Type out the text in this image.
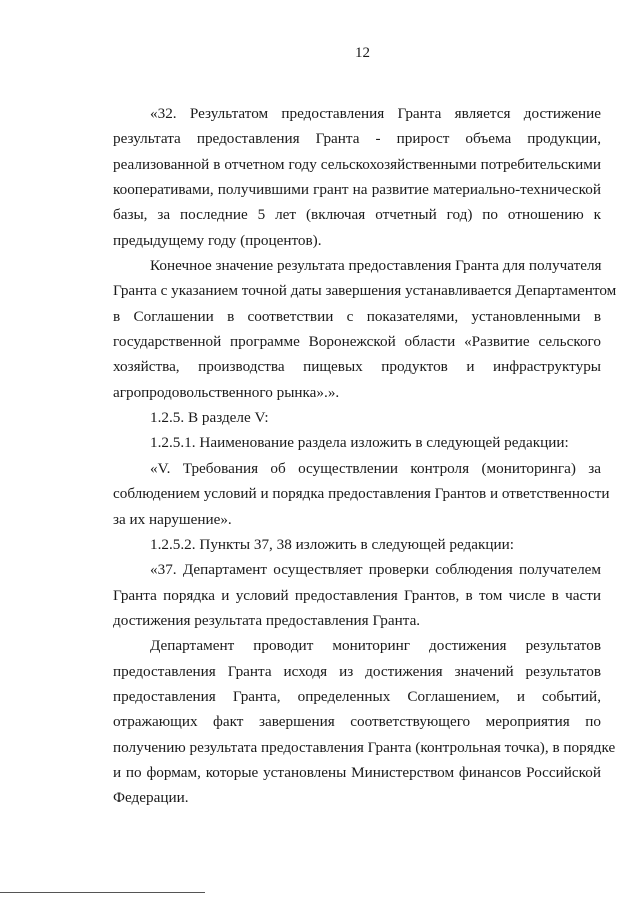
12
«32. Результатом предоставления Гранта является достижение
результата предоставления Гранта - прирост объема продукции,
реализованной в отчетном году сельскохозяйственными потребительскими
кооперативами, получившими грант на развитие материально-технической
базы, за последние 5 лет (включая отчетный год) по отношению к
предыдущему году (процентов).
Конечное значение результата предоставления Гранта для получателя
Гранта с указанием точной даты завершения устанавливается Департаментом
в Соглашении в соответствии с показателями, установленными в
государственной программе Воронежской области «Развитие сельского
хозяйства, производства пищевых продуктов и инфраструктуры
агропродовольственного рынка».».
1.2.5. В разделе V:
1.2.5.1. Наименование раздела изложить в следующей редакции:
«V. Требования об осуществлении контроля (мониторинга) за
соблюдением условий и порядка предоставления Грантов и ответственности
за их нарушение».
1.2.5.2. Пункты 37, 38 изложить в следующей редакции:
«37. Департамент осуществляет проверки соблюдения получателем
Гранта порядка и условий предоставления Грантов, в том числе в части
достижения результата предоставления Гранта.
Департамент проводит мониторинг достижения результатов
предоставления Гранта исходя из достижения значений результатов
предоставления Гранта, определенных Соглашением, и событий,
отражающих факт завершения соответствующего мероприятия по
получению результата предоставления Гранта (контрольная точка), в порядке
и по формам, которые установлены Министерством финансов Российской
Федерации.
